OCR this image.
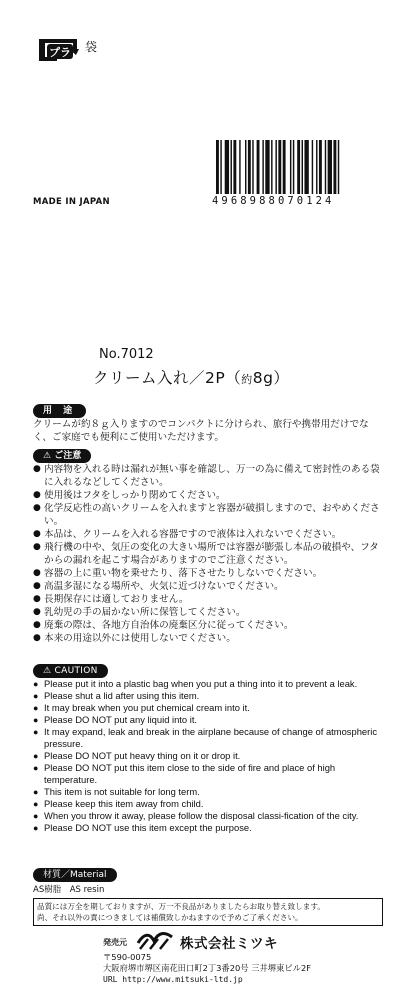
プラ 袋
4968988070124
MADE IN JAPAN
No.7012
クリーム入れ／2P（約8g）
用 途
クリームが約８ｇ入りますのでコンパクトに分けられ、旅行や携帯用だけでなく、ご家庭でも便利にご使用いただけます。
⚠ ご注意
● 内容物を入れる時は漏れが無い事を確認し、万一の為に備えて密封性のある袋に入れるなどしてください。
● 使用後はフタをしっかり閉めてください。
● 化学反応性の高いクリームを入れますと容器が破損しますので、おやめください。
● 本品は、クリームを入れる容器ですので液体は入れないでください。
● 飛行機の中や、気圧の変化の大きい場所では容器が膨張し本品の破損や、フタからの漏れを起こす場合がありますのでご注意ください。
● 容器の上に重い物を乗せたり、落下させたりしないでください。
● 高温多湿になる場所や、火気に近づけないでください。
● 長期保存には適しておりません。
● 乳幼児の手の届かない所に保管してください。
● 廃棄の際は、各地方自治体の廃棄区分に従ってください。
● 本来の用途以外には使用しないでください。
⚠ CAUTION
● Please put it into a plastic bag when you put a thing into it to prevent a leak.
● Please shut a lid after using this item.
● It may break when you put chemical cream into it.
● Please DO NOT put any liquid into it.
● It may expand, leak and break in the airplane because of change of atmospheric pressure.
● Please DO NOT put heavy thing on it or drop it.
● Please DO NOT put this item close to the side of fire and place of high temperature.
● This item is not suitable for long term.
● Please keep this item away from child.
● When you throw it away, please follow the disposal classi-fication of the city.
● Please DO NOT use this item except the purpose.
材質／Material
AS樹脂　AS resin
品質には万全を期しておりますが、万一不良品がありましたらお取り替え致します。
尚、それ以外の責につきましては補償致しかねますので予めご了承ください。
発売元	株式会社ミツキ
〒590-0075
大阪府堺市堺区南花田口町2丁3番20号 三井堺東ビル2F
URL http://www.mitsuki-ltd.jp
